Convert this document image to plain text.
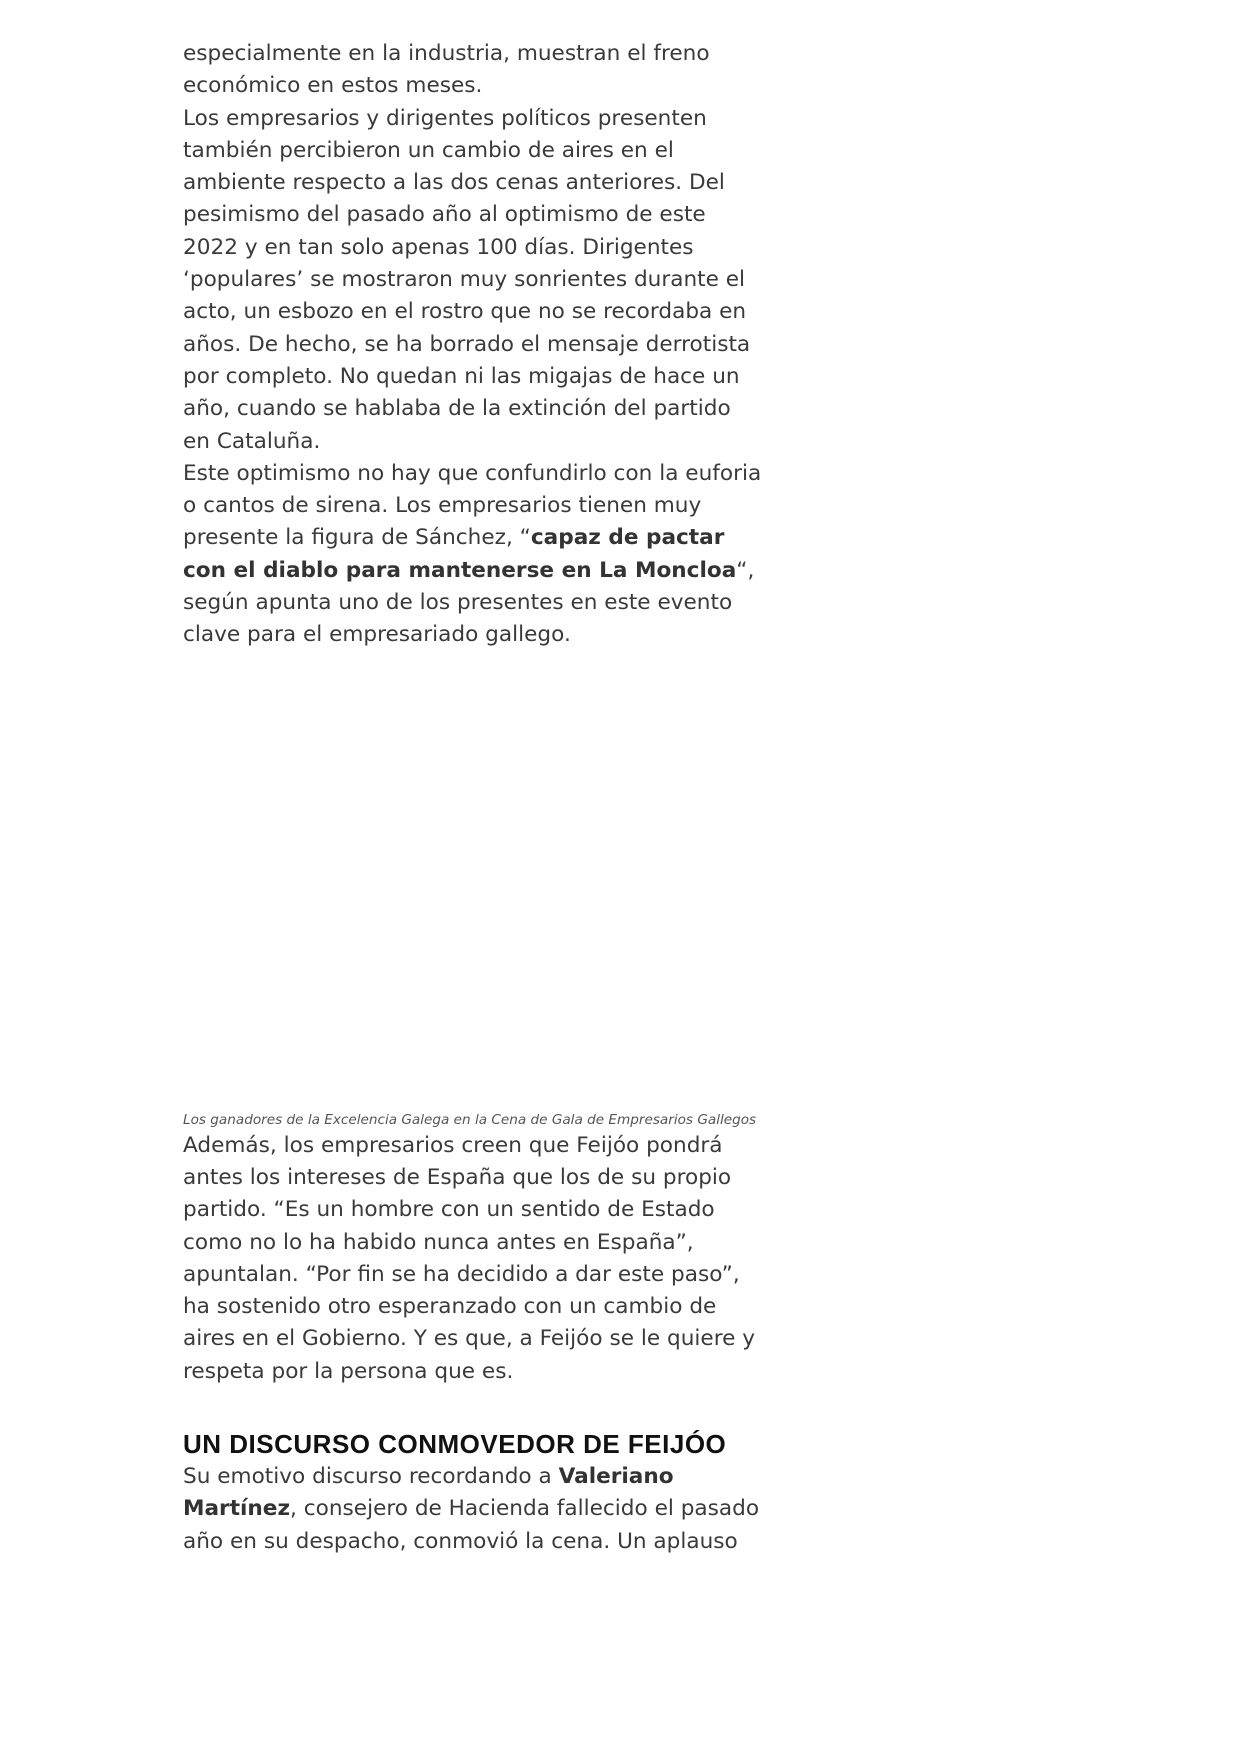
especialmente en la industria, muestran el freno económico en estos meses.

Los empresarios y dirigentes políticos presenten también percibieron un cambio de aires en el ambiente respecto a las dos cenas anteriores. Del pesimismo del pasado año al optimismo de este 2022 y en tan solo apenas 100 días. Dirigentes ‘populares’ se mostraron muy sonrientes durante el acto, un esbozo en el rostro que no se recordaba en años. De hecho, se ha borrado el mensaje derrotista por completo. No quedan ni las migajas de hace un año, cuando se hablaba de la extinción del partido en Cataluña.

Este optimismo no hay que confundirlo con la euforia o cantos de sirena. Los empresarios tienen muy presente la figura de Sánchez, “capaz de pactar con el diablo para mantenerse en La Moncloa“, según apunta uno de los presentes en este evento clave para el empresariado gallego.

Los ganadores de la Excelencia Galega en la Cena de Gala de Empresarios Gallegos

Además, los empresarios creen que Feijóo pondrá antes los intereses de España que los de su propio partido. “Es un hombre con un sentido de Estado como no lo ha habido nunca antes en España”, apuntalan. “Por fin se ha decidido a dar este paso”, ha sostenido otro esperanzado con un cambio de aires en el Gobierno. Y es que, a Feijóo se le quiere y respeta por la persona que es.

UN DISCURSO CONMOVEDOR DE FEIJÓO

Su emotivo discurso recordando a Valeriano Martínez, consejero de Hacienda fallecido el pasado año en su despacho, conmovió la cena. Un aplauso
